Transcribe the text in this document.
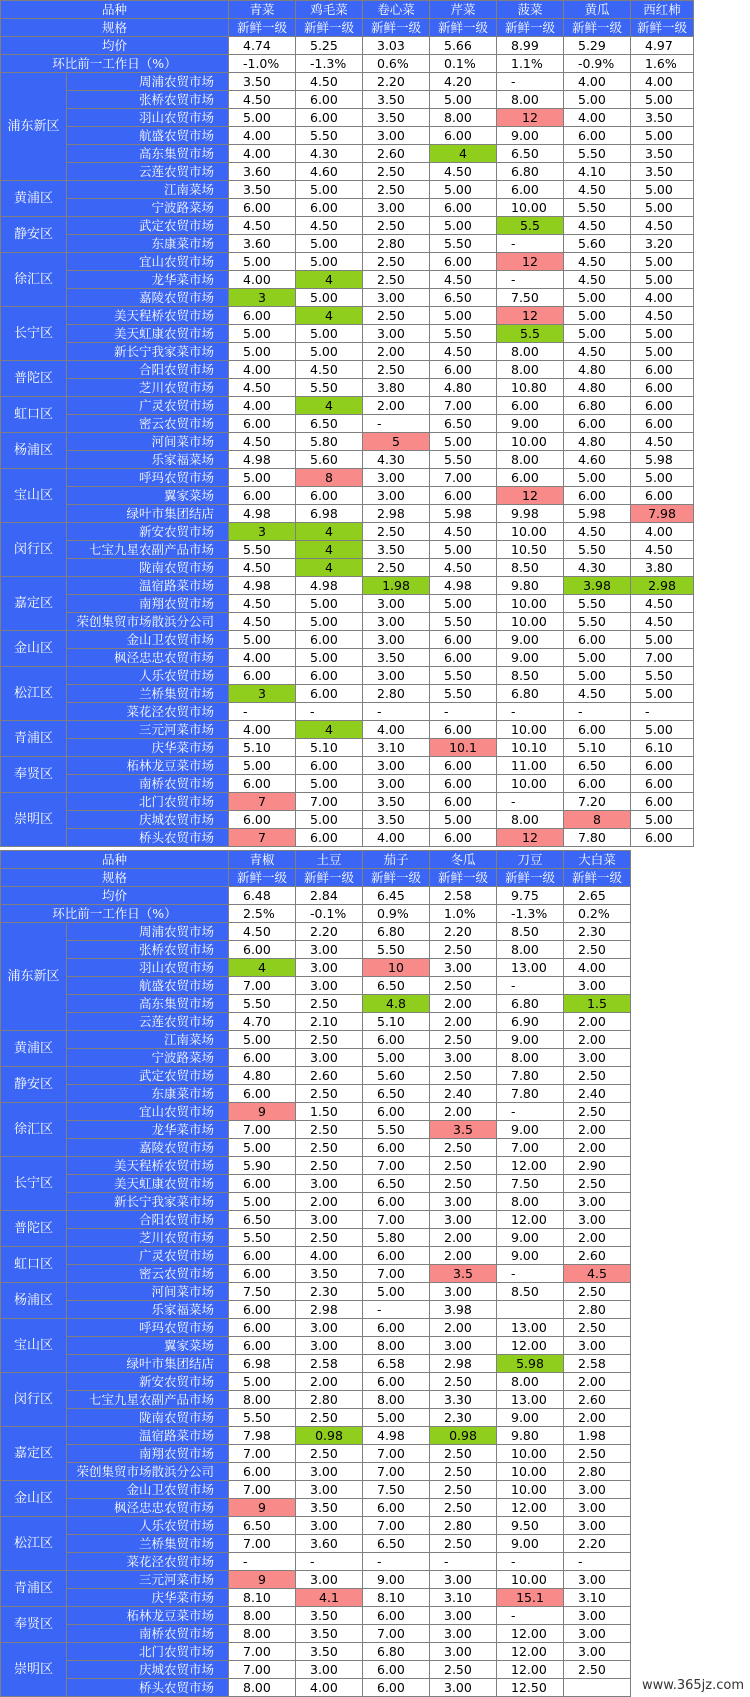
品种		青菜	鸡毛菜	卷心菜	芹菜	菠菜	黄瓜	西红柿
规格		新鲜一级	新鲜一级	新鲜一级	新鲜一级	新鲜一级	新鲜一级	新鲜一级
均价		4.74	5.25	3.03	5.66	8.99	5.29	4.97
环比前一工作日（%）		-1.0%	-1.3%	0.6%	0.1%	1.1%	-0.9%	1.6%
浦东新区	周浦农贸市场	3.50	4.50	2.20	4.20	-	4.00	4.00
	张桥农贸市场	4.50	6.00	3.50	5.00	8.00	5.00	5.00
	羽山农贸市场	5.00	6.00	3.50	8.00	12	4.00	3.50
	航盛农贸市场	4.00	5.50	3.00	6.00	9.00	6.00	5.00
	高东集贸市场	4.00	4.30	2.60	4	6.50	5.50	3.50
	云莲农贸市场	3.60	4.60	2.50	4.50	6.80	4.10	3.50
黄浦区	江南菜场	3.50	5.00	2.50	5.00	6.00	4.50	5.00
	宁波路菜场	6.00	6.00	3.00	6.00	10.00	5.50	5.00
静安区	武定农贸市场	4.50	4.50	2.50	5.00	5.5	4.50	4.50
	东康菜市场	3.60	5.00	2.80	5.50	-	5.60	3.20
徐汇区	宜山农贸市场	5.00	5.00	2.50	6.00	12	4.50	5.00
	龙华菜市场	4.00	4	2.50	4.50	-	4.50	5.00
	嘉陵农贸市场	3	5.00	3.00	6.50	7.50	5.00	4.00
长宁区	美天程桥农贸市场	6.00	4	2.50	5.00	12	5.00	4.50
	美天虹康农贸市场	5.00	5.00	3.00	5.50	5.5	5.00	5.00
	新长宁我家菜市场	5.00	5.00	2.00	4.50	8.00	4.50	5.00
普陀区	合阳农贸市场	4.00	4.50	2.50	6.00	8.00	4.80	6.00
	芝川农贸市场	4.50	5.50	3.80	4.80	10.80	4.80	6.00
虹口区	广灵农贸市场	4.00	4	2.00	7.00	6.00	6.80	6.00
	密云农贸市场	6.00	6.50	-	6.50	9.00	6.00	6.00
杨浦区	河间菜市场	4.50	5.80	5	5.00	10.00	4.80	4.50
	乐家福菜场	4.98	5.60	4.30	5.50	8.00	4.60	5.98
宝山区	呼玛农贸市场	5.00	8	3.00	7.00	6.00	5.00	5.00
	翼家菜场	6.00	6.00	3.00	6.00	12	6.00	6.00
	绿叶市集团结店	4.98	6.98	2.98	5.98	9.98	5.98	7.98
闵行区	新安农贸市场	3	4	2.50	4.50	10.00	4.50	4.00
	七宝九星农副产品市场	5.50	4	3.50	5.00	10.50	5.50	4.50
	陇南农贸市场	4.50	4	2.50	4.50	8.50	4.30	3.80
嘉定区	温宿路菜市场	4.98	4.98	1.98	4.98	9.80	3.98	2.98
	南翔农贸市场	4.50	5.00	3.00	5.00	10.00	5.50	4.50
	荣创集贸市场散浜分公司	4.50	5.00	3.00	5.50	10.00	5.50	4.50
金山区	金山卫农贸市场	5.00	6.00	3.00	6.00	9.00	6.00	5.00
	枫泾忠忠农贸市场	4.00	5.00	3.50	6.00	9.00	5.00	7.00
松江区	人乐农贸市场	6.00	6.00	3.00	5.50	8.50	5.00	5.50
	兰桥集贸市场	3	6.00	2.80	5.50	6.80	4.50	5.00
	菜花泾农贸市场	-	-	-	-	-	-	-
青浦区	三元河菜市场	4.00	4	4.00	6.00	10.00	6.00	5.00
	庆华菜市场	5.10	5.10	3.10	10.1	10.10	5.10	6.10
奉贤区	柘林龙豆菜市场	5.00	6.00	3.00	6.00	11.00	6.50	6.00
	南桥农贸市场	6.00	5.00	3.00	6.00	10.00	6.00	6.00
崇明区	北门农贸市场	7	7.00	3.50	6.00	-	7.20	6.00
	庆城农贸市场	6.00	5.00	3.50	5.00	8.00	8	5.00
	桥头农贸市场	7	6.00	4.00	6.00	12	7.80	6.00
品种		青椒	土豆	茄子	冬瓜	刀豆	大白菜
规格		新鲜一级	新鲜一级	新鲜一级	新鲜一级	新鲜一级	新鲜一级
均价		6.48	2.84	6.45	2.58	9.75	2.65
环比前一工作日（%）		2.5%	-0.1%	0.9%	1.0%	-1.3%	0.2%
浦东新区	周浦农贸市场	4.50	2.20	6.80	2.20	8.50	2.30
	张桥农贸市场	6.00	3.00	5.50	2.50	8.00	2.50
	羽山农贸市场	4	3.00	10	3.00	13.00	4.00
	航盛农贸市场	7.00	3.00	6.50	2.50	-	3.00
	高东集贸市场	5.50	2.50	4.8	2.00	6.80	1.5
	云莲农贸市场	4.70	2.10	5.10	2.00	6.90	2.00
黄浦区	江南菜场	5.00	2.50	6.00	2.50	9.00	2.00
	宁波路菜场	6.00	3.00	5.00	3.00	8.00	3.00
静安区	武定农贸市场	4.80	2.60	5.60	2.50	7.80	2.50
	东康菜市场	6.00	2.50	6.50	2.40	7.80	2.40
徐汇区	宜山农贸市场	9	1.50	6.00	2.00	-	2.50
	龙华菜市场	7.00	2.50	5.50	3.5	9.00	2.00
	嘉陵农贸市场	5.00	2.50	6.00	2.50	7.00	2.00
长宁区	美天程桥农贸市场	5.90	2.50	7.00	2.50	12.00	2.90
	美天虹康农贸市场	6.00	3.00	6.50	2.50	7.50	2.50
	新长宁我家菜市场	5.00	2.00	6.00	3.00	8.00	3.00
普陀区	合阳农贸市场	6.50	3.00	7.00	3.00	12.00	3.00
	芝川农贸市场	5.50	2.50	5.80	2.00	9.00	2.00
虹口区	广灵农贸市场	6.00	4.00	6.00	2.00	9.00	2.60
	密云农贸市场	6.00	3.50	7.00	3.5	-	4.5
杨浦区	河间菜市场	7.50	2.30	5.00	3.00	8.50	2.50
	乐家福菜场	6.00	2.98	-	3.98		2.80
宝山区	呼玛农贸市场	6.00	3.00	6.00	2.00	13.00	2.50
	翼家菜场	6.00	3.00	8.00	3.00	12.00	3.00
	绿叶市集团结店	6.98	2.58	6.58	2.98	5.98	2.58
闵行区	新安农贸市场	5.00	2.00	6.00	2.50	8.00	2.00
	七宝九星农副产品市场	8.00	2.80	8.00	3.30	13.00	2.60
	陇南农贸市场	5.50	2.50	5.00	2.30	9.00	2.00
嘉定区	温宿路菜市场	7.98	0.98	4.98	0.98	9.80	1.98
	南翔农贸市场	7.00	2.50	7.00	2.50	10.00	2.50
	荣创集贸市场散浜分公司	6.00	3.00	7.00	2.50	10.00	2.80
金山区	金山卫农贸市场	7.00	3.00	7.50	2.50	10.00	3.00
	枫泾忠忠农贸市场	9	3.50	6.00	2.50	12.00	3.00
松江区	人乐农贸市场	6.50	3.00	7.00	2.80	9.50	3.00
	兰桥集贸市场	7.00	3.60	6.50	2.50	9.00	2.20
	菜花泾农贸市场	-	-	-	-	-	-
青浦区	三元河菜市场	9	3.00	9.00	3.00	10.00	3.00
	庆华菜市场	8.10	4.1	8.10	3.10	15.1	3.10
奉贤区	柘林龙豆菜市场	8.00	3.50	6.00	3.00	-	3.00
	南桥农贸市场	8.00	3.50	7.00	3.00	12.00	3.00
崇明区	北门农贸市场	7.00	3.50	6.80	3.00	12.00	3.00
	庆城农贸市场	7.00	3.00	6.00	2.50	12.00	2.50
	桥头农贸市场	8.00	4.00	6.00	3.00	12.50		www.365jz.com
